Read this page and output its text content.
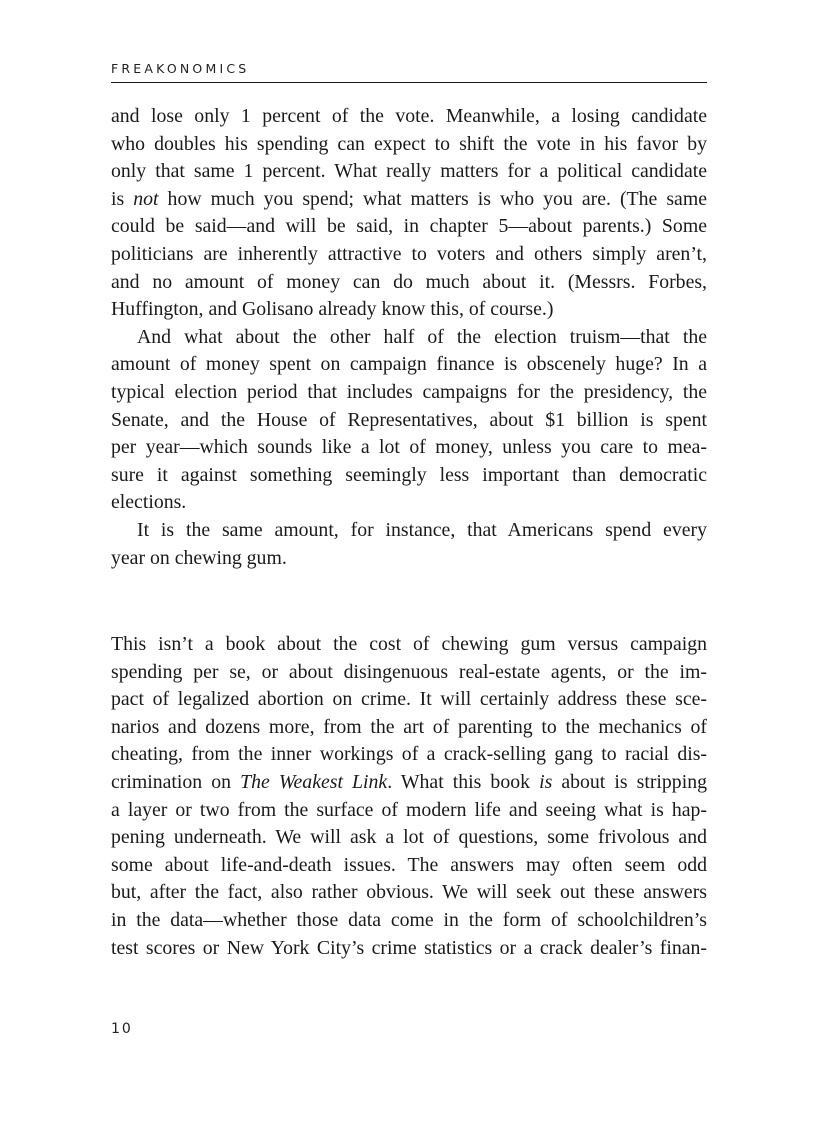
FREAKONOMICS
and lose only 1 percent of the vote. Meanwhile, a losing candidate
who doubles his spending can expect to shift the vote in his favor by
only that same 1 percent. What really matters for a political candidate
is not how much you spend; what matters is who you are. (The same
could be said—and will be said, in chapter 5—about parents.) Some
politicians are inherently attractive to voters and others simply aren’t,
and no amount of money can do much about it. (Messrs. Forbes,
Huffington, and Golisano already know this, of course.)
And what about the other half of the election truism—that the
amount of money spent on campaign finance is obscenely huge? In a
typical election period that includes campaigns for the presidency, the
Senate, and the House of Representatives, about $1 billion is spent
per year—which sounds like a lot of money, unless you care to mea-
sure it against something seemingly less important than democratic
elections.
It is the same amount, for instance, that Americans spend every
year on chewing gum.
This isn’t a book about the cost of chewing gum versus campaign
spending per se, or about disingenuous real-estate agents, or the im-
pact of legalized abortion on crime. It will certainly address these sce-
narios and dozens more, from the art of parenting to the mechanics of
cheating, from the inner workings of a crack-selling gang to racial dis-
crimination on The Weakest Link. What this book is about is stripping
a layer or two from the surface of modern life and seeing what is hap-
pening underneath. We will ask a lot of questions, some frivolous and
some about life-and-death issues. The answers may often seem odd
but, after the fact, also rather obvious. We will seek out these answers
in the data—whether those data come in the form of schoolchildren’s
test scores or New York City’s crime statistics or a crack dealer’s finan-
10
